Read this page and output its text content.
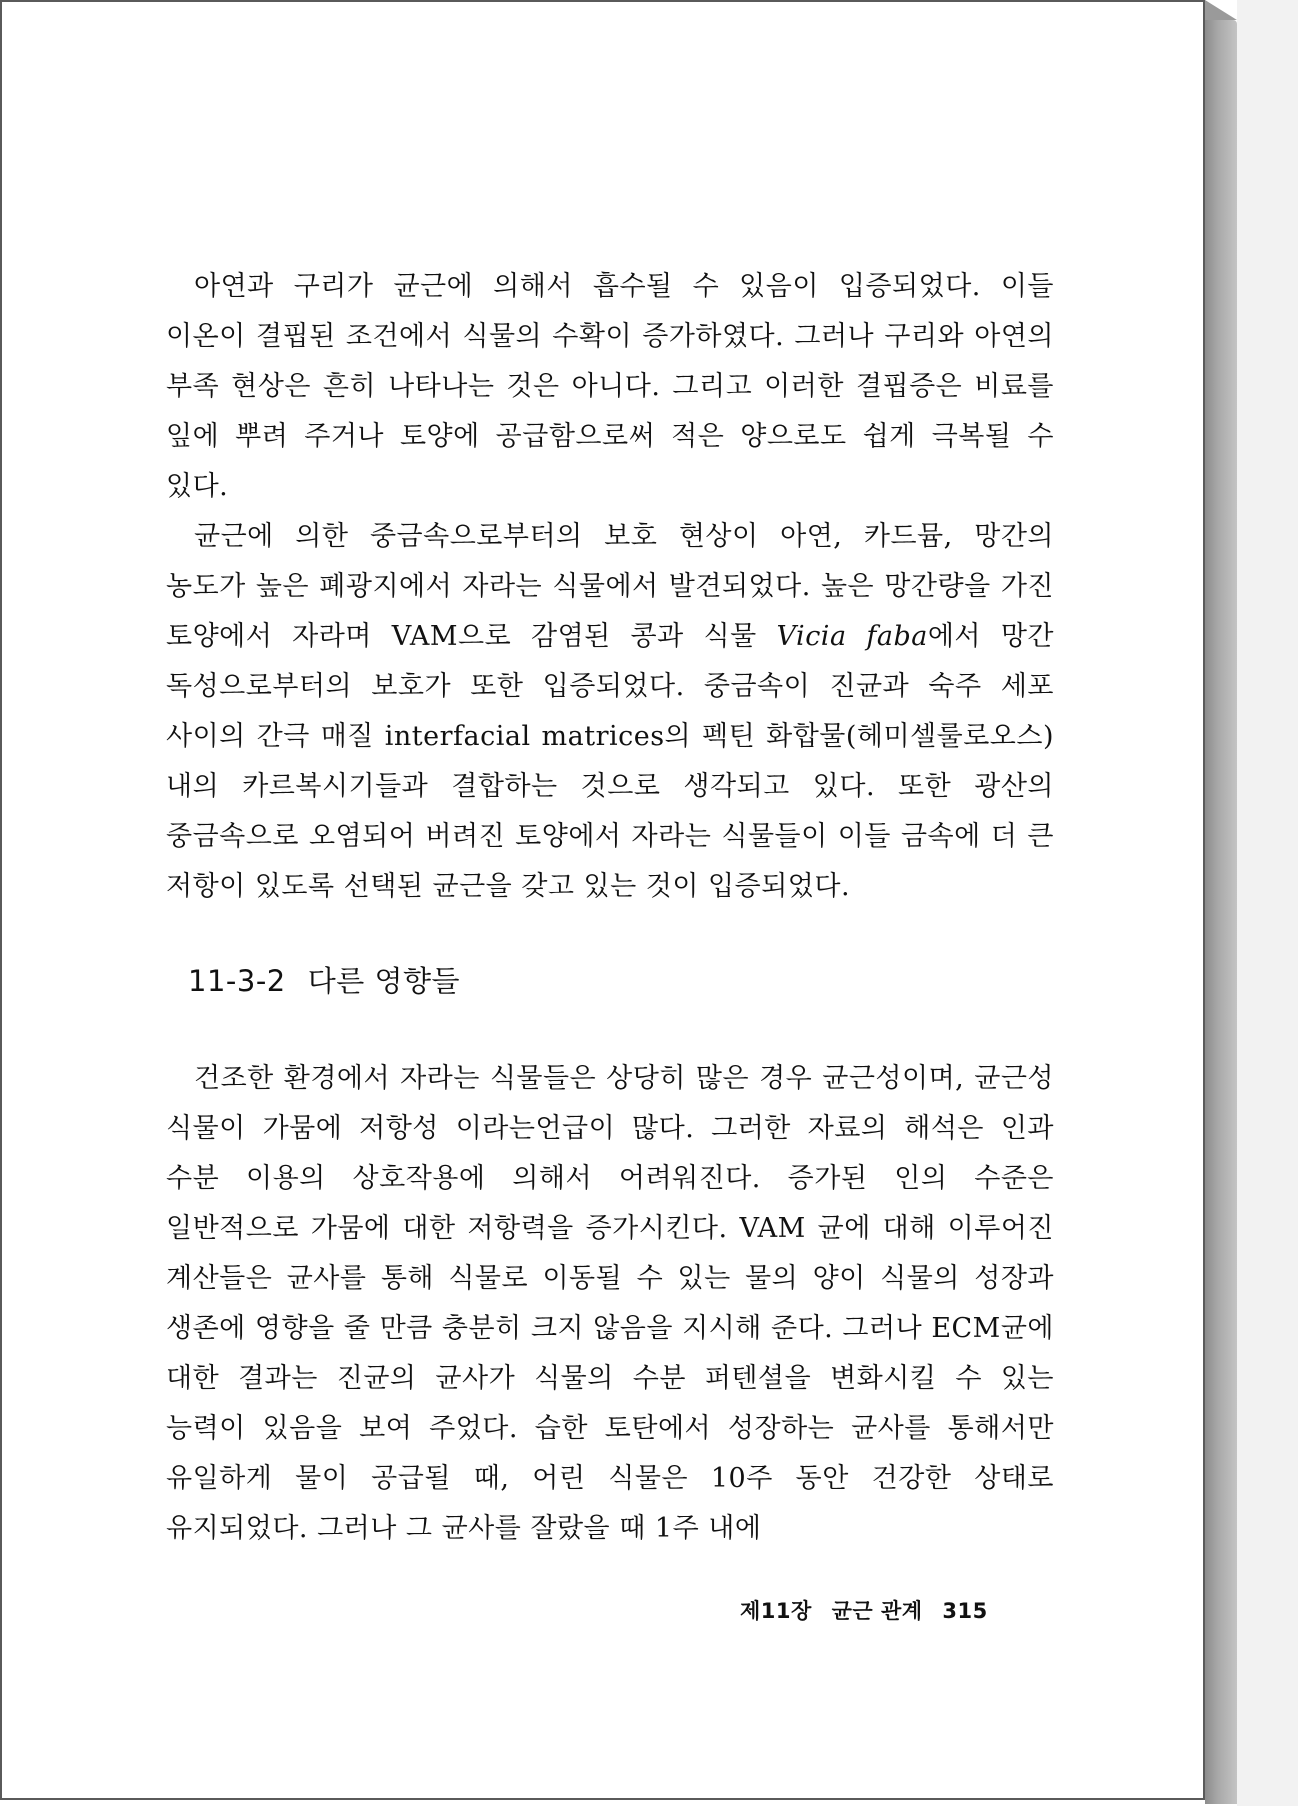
아연과 구리가 균근에 의해서 흡수될 수 있음이 입증되었다. 이들 이온이 결핍된 조건에서 식물의 수확이 증가하였다. 그러나 구리와 아연의 부족 현상은 흔히 나타나는 것은 아니다. 그리고 이러한 결핍증은 비료를 잎에 뿌려 주거나 토양에 공급함으로써 적은 양으로도 쉽게 극복될 수 있다.

균근에 의한 중금속으로부터의 보호 현상이 아연, 카드뮴, 망간의 농도가 높은 폐광지에서 자라는 식물에서 발견되었다. 높은 망간량을 가진 토양에서 자라며 VAM으로 감염된 콩과 식물 Vicia faba에서 망간 독성으로부터의 보호가 또한 입증되었다. 중금속이 진균과 숙주 세포 사이의 간극 매질 interfacial matrices의 펙틴 화합물(헤미셀룰로오스) 내의 카르복시기들과 결합하는 것으로 생각되고 있다. 또한 광산의 중금속으로 오염되어 버려진 토양에서 자라는 식물들이 이들 금속에 더 큰 저항이 있도록 선택된 균근을 갖고 있는 것이 입증되었다.

11-3-2 다른 영향들

건조한 환경에서 자라는 식물들은 상당히 많은 경우 균근성이며, 균근성 식물이 가뭄에 저항성 이라는언급이 많다. 그러한 자료의 해석은 인과 수분 이용의 상호작용에 의해서 어려워진다. 증가된 인의 수준은 일반적으로 가뭄에 대한 저항력을 증가시킨다. VAM 균에 대해 이루어진 계산들은 균사를 통해 식물로 이동될 수 있는 물의 양이 식물의 성장과 생존에 영향을 줄 만큼 충분히 크지 않음을 지시해 준다. 그러나 ECM균에 대한 결과는 진균의 균사가 식물의 수분 퍼텐셜을 변화시킬 수 있는 능력이 있음을 보여 주었다. 습한 토탄에서 성장하는 균사를 통해서만 유일하게 물이 공급될 때, 어린 식물은 10주 동안 건강한 상태로 유지되었다. 그러나 그 균사를 잘랐을 때 1주 내에

제11장 균근 관계 315
